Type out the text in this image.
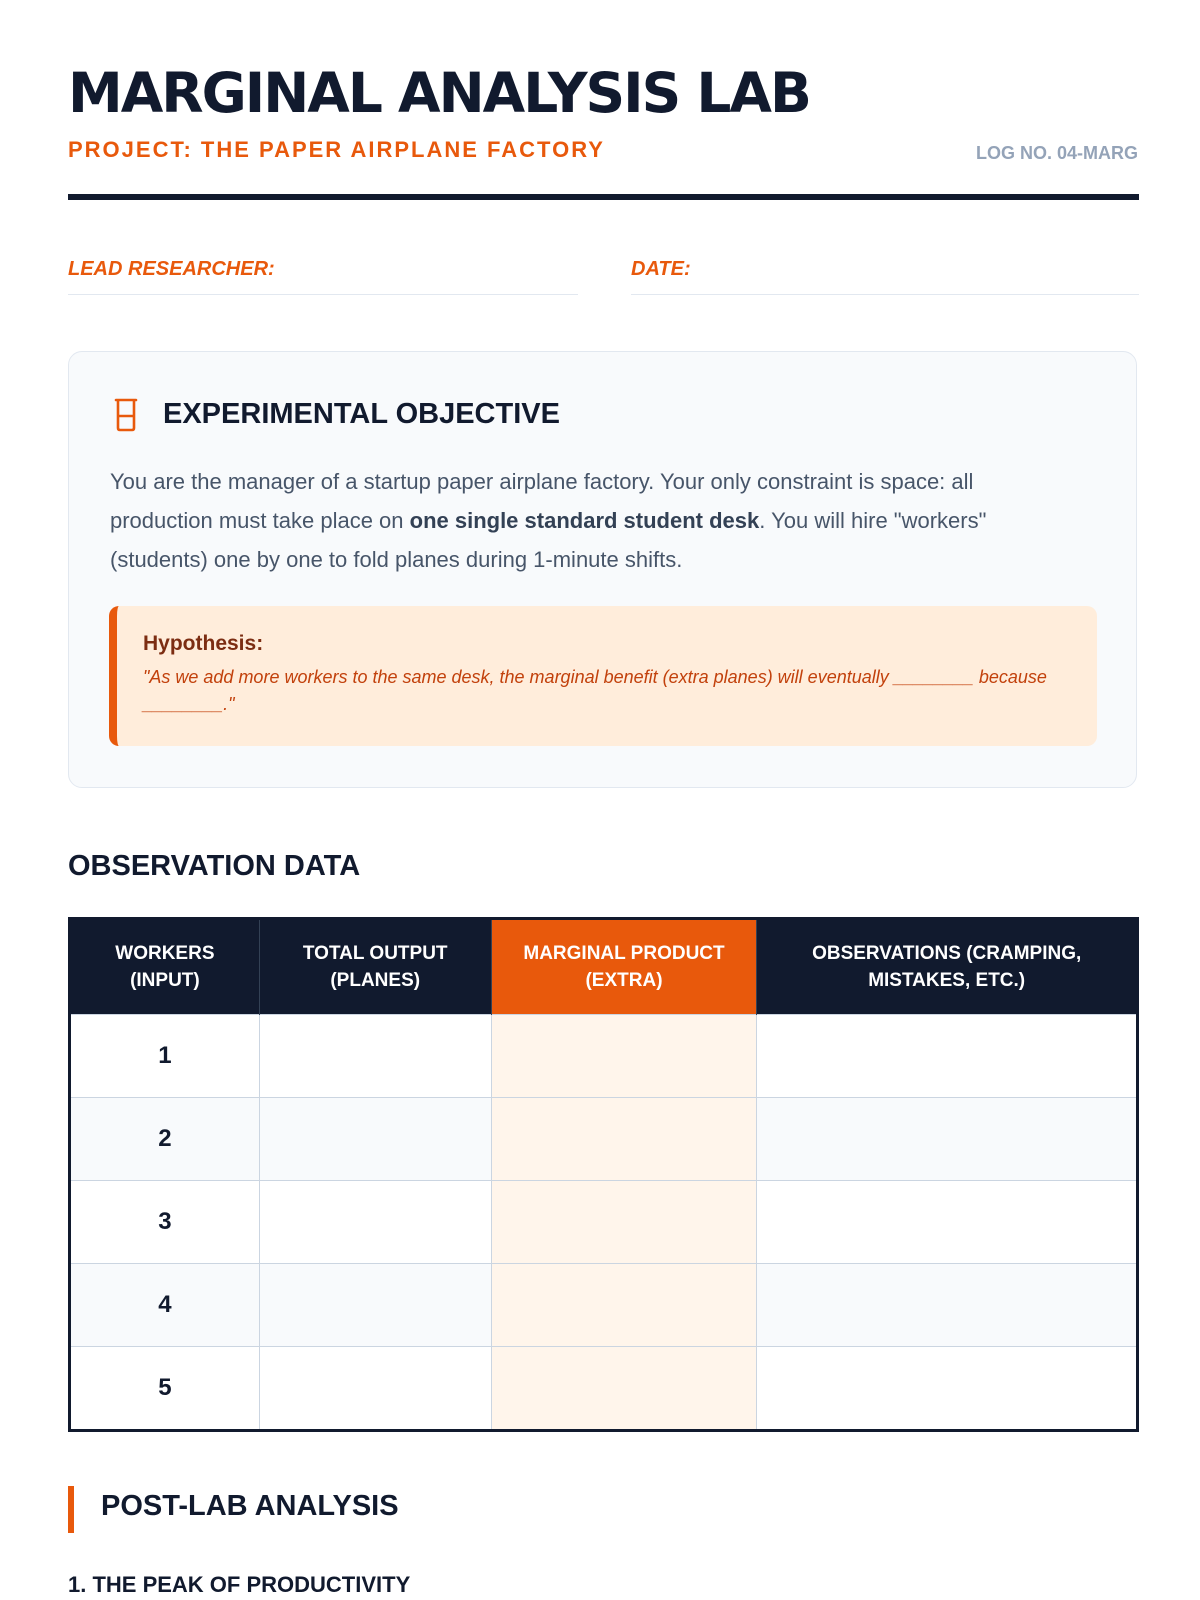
MARGINAL ANALYSIS LAB
PROJECT: THE PAPER AIRPLANE FACTORY	LOG NO. 04-MARG
LEAD RESEARCHER:	DATE:
EXPERIMENTAL OBJECTIVE
You are the manager of a startup paper airplane factory. Your only constraint is space: all production must take place on one single standard student desk. You will hire "workers" (students) one by one to fold planes during 1-minute shifts.
Hypothesis:
"As we add more workers to the same desk, the marginal benefit (extra planes) will eventually ________ because ________."
OBSERVATION DATA
WORKERS (INPUT)	TOTAL OUTPUT (PLANES)	MARGINAL PRODUCT (EXTRA)	OBSERVATIONS (CRAMPING, MISTAKES, ETC.)
1			
2			
3			
4			
5			
POST-LAB ANALYSIS
1. THE PEAK OF PRODUCTIVITY
